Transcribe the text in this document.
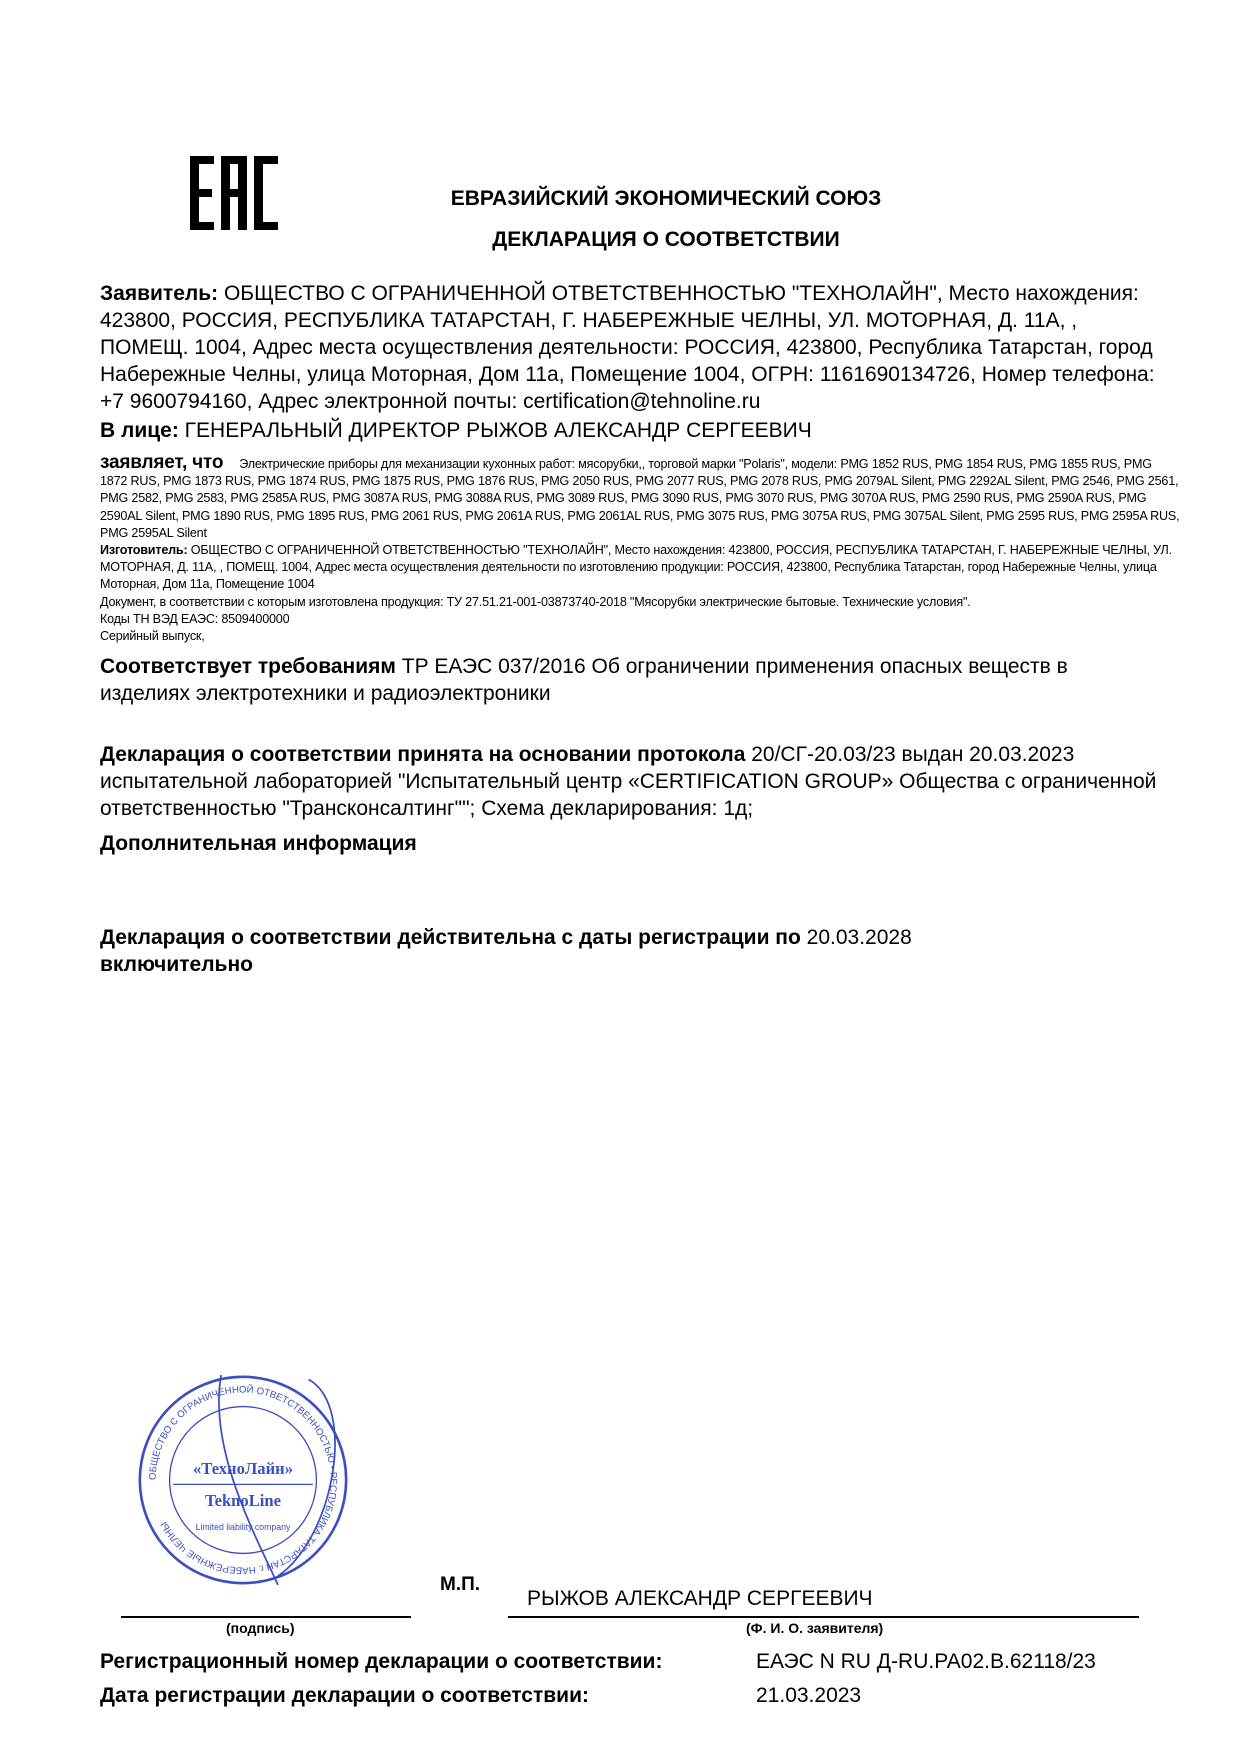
ЕВРАЗИЙСКИЙ ЭКОНОМИЧЕСКИЙ СОЮЗ
ДЕКЛАРАЦИЯ О СООТВЕТСТВИИ
Заявитель: ОБЩЕСТВО С ОГРАНИЧЕННОЙ ОТВЕТСТВЕННОСТЬЮ "ТЕХНОЛАЙН", Место нахождения: 423800, РОССИЯ, РЕСПУБЛИКА ТАТАРСТАН, Г. НАБЕРЕЖНЫЕ ЧЕЛНЫ, УЛ. МОТОРНАЯ, Д. 11А, , ПОМЕЩ. 1004, Адрес места осуществления деятельности: РОССИЯ, 423800, Республика Татарстан, город Набережные Челны, улица Моторная, Дом 11а, Помещение 1004, ОГРН: 1161690134726, Номер телефона: +7 9600794160, Адрес электронной почты: certification@tehnoline.ru
В лице: ГЕНЕРАЛЬНЫЙ ДИРЕКТОР РЫЖОВ АЛЕКСАНДР СЕРГЕЕВИЧ
заявляет, что Электрические приборы для механизации кухонных работ: мясорубки,, торговой марки "Polaris", модели: PMG 1852 RUS, PMG 1854 RUS, PMG 1855 RUS, PMG 1872 RUS, PMG 1873 RUS, PMG 1874 RUS, PMG 1875 RUS, PMG 1876 RUS, PMG 2050 RUS, PMG 2077 RUS, PMG 2078 RUS, PMG 2079AL Silent, PMG 2292AL Silent, PMG 2546, PMG 2561, PMG 2582, PMG 2583, PMG 2585A RUS, PMG 3087A RUS, PMG 3088A RUS, PMG 3089 RUS, PMG 3090 RUS, PMG 3070 RUS, PMG 3070A RUS, PMG 2590 RUS, PMG 2590A RUS, PMG 2590AL Silent, PMG 1890 RUS, PMG 1895 RUS, PMG 2061 RUS, PMG 2061A RUS, PMG 2061AL RUS, PMG 3075 RUS, PMG 3075A RUS, PMG 3075AL Silent, PMG 2595 RUS, PMG 2595A RUS, PMG 2595AL Silent
Изготовитель: ОБЩЕСТВО С ОГРАНИЧЕННОЙ ОТВЕТСТВЕННОСТЬЮ "ТЕХНОЛАЙН", Место нахождения: 423800, РОССИЯ, РЕСПУБЛИКА ТАТАРСТАН, Г. НАБЕРЕЖНЫЕ ЧЕЛНЫ, УЛ. МОТОРНАЯ, Д. 11А, , ПОМЕЩ. 1004, Адрес места осуществления деятельности по изготовлению продукции: РОССИЯ, 423800, Республика Татарстан, город Набережные Челны, улица Моторная, Дом 11а, Помещение 1004
Документ, в соответствии с которым изготовлена продукция: ТУ 27.51.21-001-03873740-2018 "Мясорубки электрические бытовые. Технические условия".
Коды ТН ВЭД ЕАЭС: 8509400000
Серийный выпуск,
Соответствует требованиям ТР ЕАЭС 037/2016 Об ограничении применения опасных веществ в изделиях электротехники и радиоэлектроники
Декларация о соответствии принята на основании протокола 20/СГ-20.03/23 выдан 20.03.2023 испытательной лабораторией "Испытательный центр «CERTIFICATION GROUP» Общества с ограниченной ответственностью "Трансконсалтинг""; Схема декларирования: 1д;
Дополнительная информация
Декларация о соответствии действительна с даты регистрации по 20.03.2028
включительно
ОБЩЕСТВО С ОГРАНИЧЕННОЙ ОТВЕТСТВЕННОСТЬЮ • РЕСПУБЛИКА ТАТАРСТАН г. НАБЕРЕЖНЫЕ ЧЕЛНЫ
«ТехноЛайн»
TeknoLine
Limited liability company
М.П.
РЫЖОВ АЛЕКСАНДР СЕРГЕЕВИЧ
(подпись)	(Ф. И. О. заявителя)
Регистрационный номер декларации о соответствии:	ЕАЭС N RU Д-RU.РА02.В.62118/23
Дата регистрации декларации о соответствии:	21.03.2023
